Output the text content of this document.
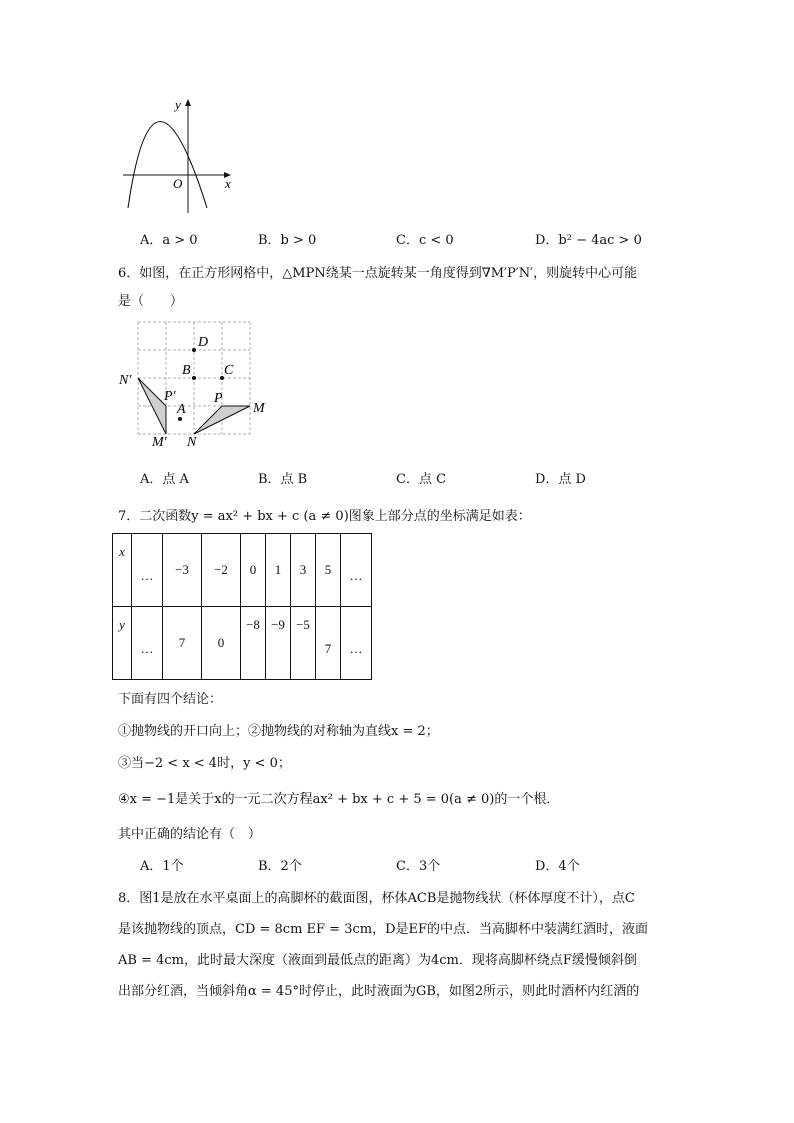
x
y
O
A．a > 0	B．b > 0	C．c < 0	D．b² − 4ac > 0
6．如图，在正方形网格中，△MPN绕某一点旋转某一角度得到∇M′P′N′，则旋转中心可能
是（　　）
D
B C
N′
P′
A
P
M
M′ N
A．点 A	B．点 B	C．点 C	D．点 D
7．二次函数y = ax² + bx + c (a ≠ 0)图象上部分点的坐标满足如表：
x	…	−3	−2	0	1	3	5	…
y	…	7	0	−8	−9	−5	7	…
下面有四个结论：
①抛物线的开口向上；②抛物线的对称轴为直线x = 2；
③当−2 < x < 4时，y < 0；
④x = −1是关于x的一元二次方程ax² + bx + c + 5 = 0(a ≠ 0)的一个根．
其中正确的结论有（　）
A．1个	B．2个	C．3个	D．4个
8．图1是放在水平桌面上的高脚杯的截面图，杯体ACB是抛物线状（杯体厚度不计），点C
是该抛物线的顶点，CD = 8cm EF = 3cm，D是EF的中点．当高脚杯中装满红酒时，液面
AB = 4cm，此时最大深度（液面到最低点的距离）为4cm．现将高脚杯绕点F缓慢倾斜倒
出部分红酒，当倾斜角α = 45°时停止，此时液面为GB，如图2所示，则此时酒杯内红酒的
